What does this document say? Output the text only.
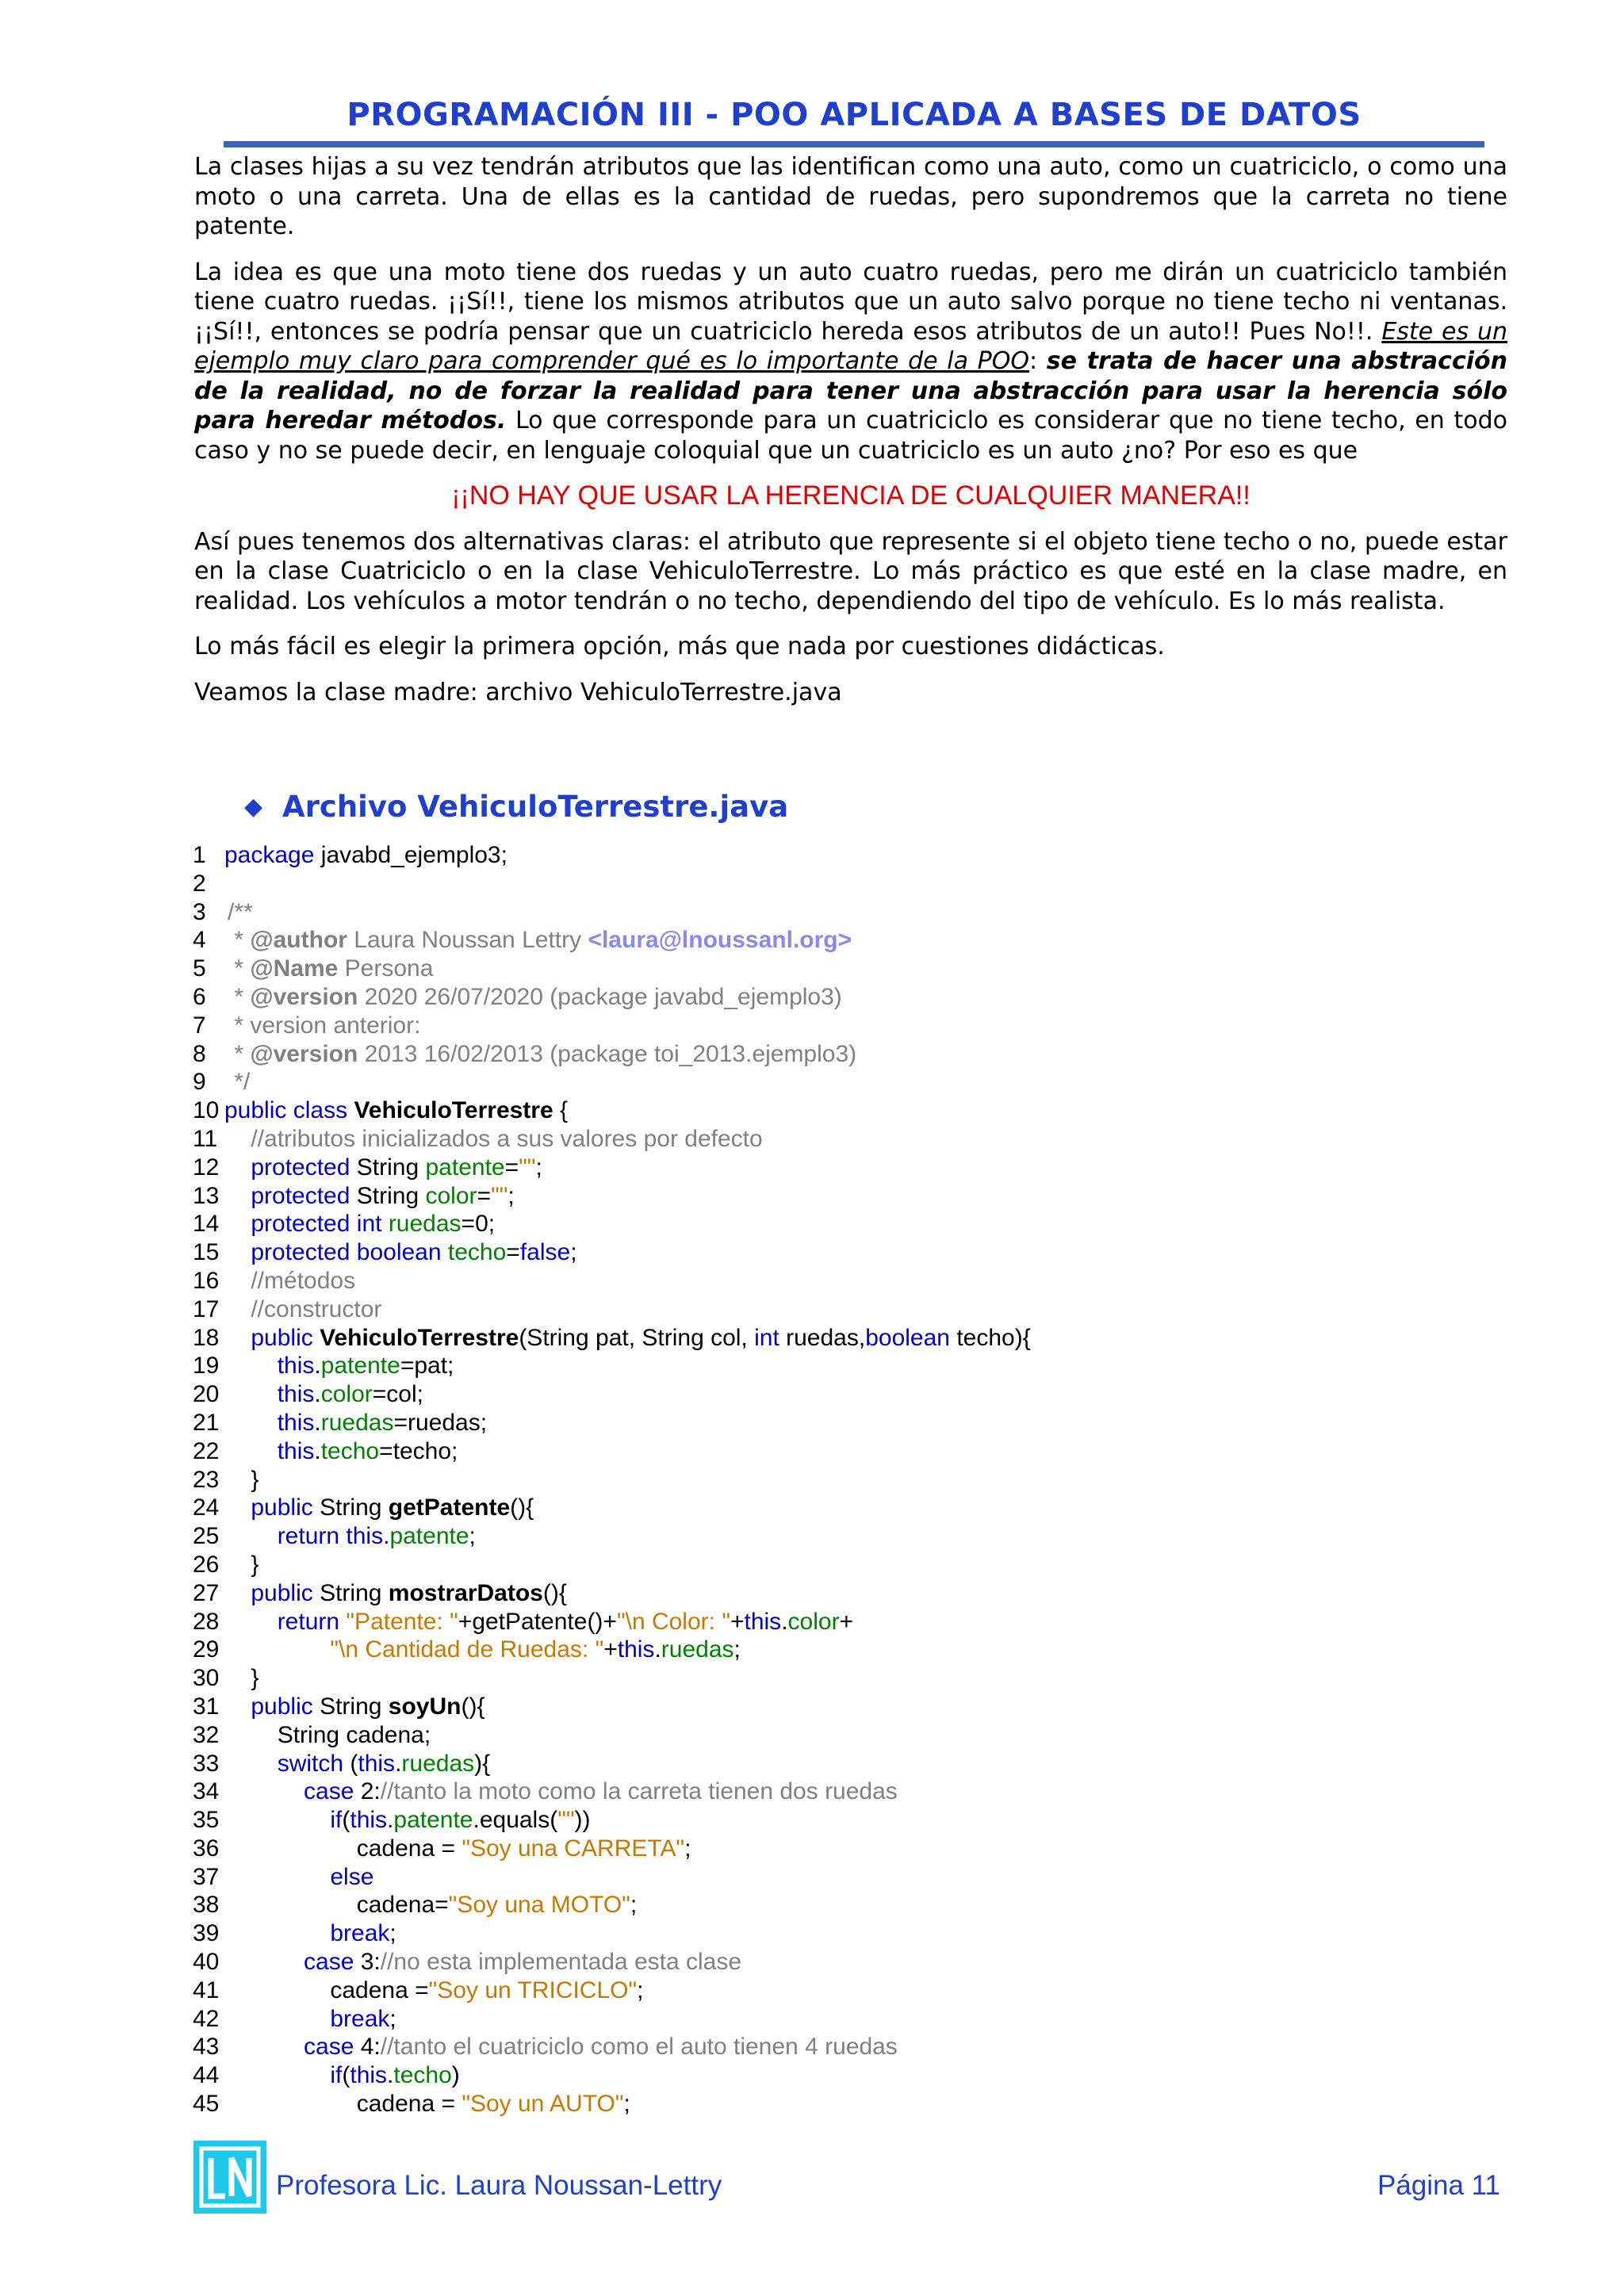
PROGRAMACIÓN III - POO APLICADA A BASES DE DATOS

La clases hijas a su vez tendrán atributos que las identifican como una auto, como un cuatriciclo, o como una moto o una carreta. Una de ellas es la cantidad de ruedas, pero supondremos que la carreta no tiene patente.

La idea es que una moto tiene dos ruedas y un auto cuatro ruedas, pero me dirán un cuatriciclo también tiene cuatro ruedas. ¡¡Sí!!, tiene los mismos atributos que un auto salvo porque no tiene techo ni ventanas. ¡¡Sí!!, entonces se podría pensar que un cuatriciclo hereda esos atributos de un auto!! Pues No!!. Este es un ejemplo muy claro para comprender qué es lo importante de la POO: se trata de hacer una abstracción de la realidad, no de forzar la realidad para tener una abstracción para usar la herencia sólo para heredar métodos. Lo que corresponde para un cuatriciclo es considerar que no tiene techo, en todo caso y no se puede decir, en lenguaje coloquial que un cuatriciclo es un auto ¿no? Por eso es que

¡¡NO HAY QUE USAR LA HERENCIA DE CUALQUIER MANERA!!

Así pues tenemos dos alternativas claras: el atributo que represente si el objeto tiene techo o no, puede estar en la clase Cuatriciclo o en la clase VehiculoTerrestre. Lo más práctico es que esté en la clase madre, en realidad. Los vehículos a motor tendrán o no techo, dependiendo del tipo de vehículo. Es lo más realista.

Lo más fácil es elegir la primera opción, más que nada por cuestiones didácticas.

Veamos la clase madre: archivo VehiculoTerrestre.java

◆ Archivo VehiculoTerrestre.java
1 package javabd_ejemplo3;
2
3 /**
4 * @author Laura Noussan Lettry <laura@lnoussanl.org>
5 * @Name Persona
6 * @version 2020 26/07/2020 (package javabd_ejemplo3)
7 * version anterior:
8 * @version 2013 16/02/2013 (package toi_2013.ejemplo3)
9 */
10 public class VehiculoTerrestre {
11 //atributos inicializados a sus valores por defecto
12 protected String patente="";
13 protected String color="";
14 protected int ruedas=0;
15 protected boolean techo=false;
16 //métodos
17 //constructor
18 public VehiculoTerrestre(String pat, String col, int ruedas,boolean techo){
19 this.patente=pat;
20 this.color=col;
21 this.ruedas=ruedas;
22 this.techo=techo;
23    }
24 public String getPatente(){
25 return this.patente;
26    }
27 public String mostrarDatos(){
28 return "Patente: "+getPatente()+"\n Color: "+this.color+
29	"\n Cantidad de Ruedas: "+this.ruedas;
30    }
31 public String soyUn(){
32 String cadena;
33 switch (this.ruedas){
34	case 2://tanto la moto como la carreta tienen dos ruedas
35	if(this.patente.equals(""))
36                    cadena = "Soy una CARRETA";
37	else
38                    cadena="Soy una MOTO";
39	break;
40	case 3://no esta implementada esta clase
41                cadena ="Soy un TRICICLO";
42	break;
43	case 4://tanto el cuatriciclo como el auto tienen 4 ruedas
44	if(this.techo)
45                    cadena = "Soy un AUTO";
Profesora Lic. Laura Noussan-Lettry	Página 11
